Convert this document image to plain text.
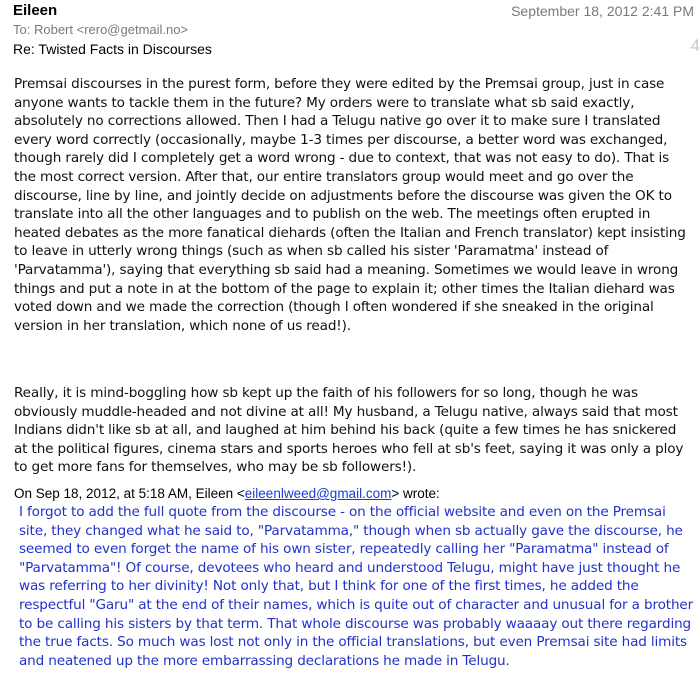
Eileen	September 18, 2012 2:41 PM
To: Robert <rero@getmail.no>
Re: Twisted Facts in Discourses	4
Premsai discourses in the purest form, before they were edited by the Premsai group, just in case anyone wants to tackle them in the future? My orders were to translate what sb said exactly, absolutely no corrections allowed. Then I had a Telugu native go over it to make sure I translated every word correctly (occasionally, maybe 1-3 times per discourse, a better word was exchanged, though rarely did I completely get a word wrong - due to context, that was not easy to do). That is the most correct version. After that, our entire translators group would meet and go over the discourse, line by line, and jointly decide on adjustments before the discourse was given the OK to translate into all the other languages and to publish on the web. The meetings often erupted in heated debates as the more fanatical diehards (often the Italian and French translator) kept insisting to leave in utterly wrong things (such as when sb called his sister 'Paramatma' instead of 'Parvatamma'), saying that everything sb said had a meaning. Sometimes we would leave in wrong things and put a note in at the bottom of the page to explain it; other times the Italian diehard was voted down and we made the correction (though I often wondered if she sneaked in the original version in her translation, which none of us read!).
Really, it is mind-boggling how sb kept up the faith of his followers for so long, though he was obviously muddle-headed and not divine at all! My husband, a Telugu native, always said that most Indians didn't like sb at all, and laughed at him behind his back (quite a few times he has snickered at the political figures, cinema stars and sports heroes who fell at sb's feet, saying it was only a ploy to get more fans for themselves, who may be sb followers!).
On Sep 18, 2012, at 5:18 AM, Eileen <eileenlweed@gmail.com> wrote:
I forgot to add the full quote from the discourse - on the official website and even on the Premsai site, they changed what he said to, "Parvatamma," though when sb actually gave the discourse, he seemed to even forget the name of his own sister, repeatedly calling her "Paramatma" instead of "Parvatamma"! Of course, devotees who heard and understood Telugu, might have just thought he was referring to her divinity! Not only that, but I think for one of the first times, he added the respectful "Garu" at the end of their names, which is quite out of character and unusual for a brother to be calling his sisters by that term. That whole discourse was probably waaaay out there regarding the true facts. So much was lost not only in the official translations, but even Premsai site had limits and neatened up the more embarrassing declarations he made in Telugu.
